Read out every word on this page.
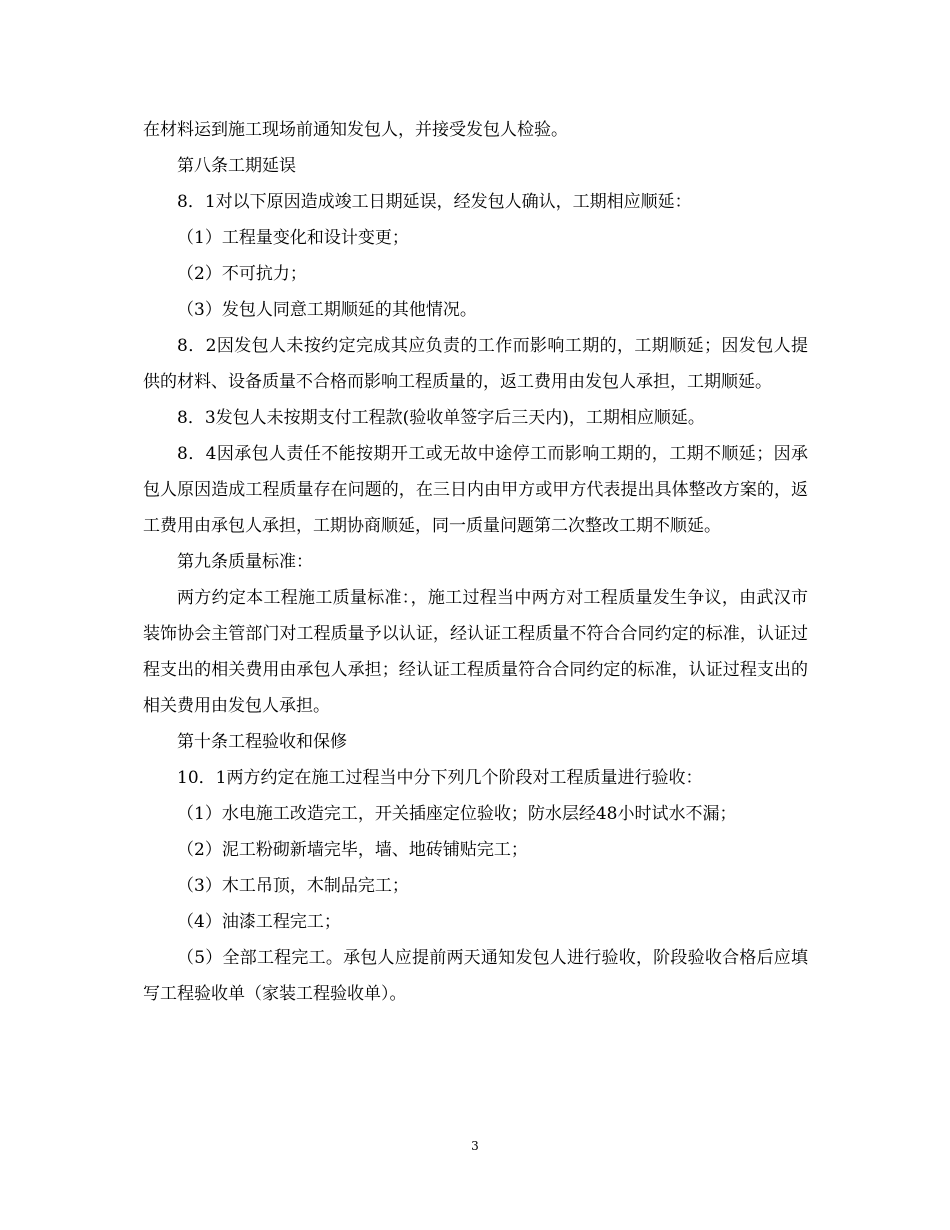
在材料运到施工现场前通知发包人，并接受发包人检验。

第八条工期延误

8．1对以下原因造成竣工日期延误，经发包人确认，工期相应顺延：

（1）工程量变化和设计变更；

（2）不可抗力；

（3）发包人同意工期顺延的其他情况。

8．2因发包人未按约定完成其应负责的工作而影响工期的，工期顺延；因发包人提供的材料、设备质量不合格而影响工程质量的，返工费用由发包人承担，工期顺延。

8．3发包人未按期支付工程款(验收单签字后三天内)，工期相应顺延。

8．4因承包人责任不能按期开工或无故中途停工而影响工期的，工期不顺延；因承包人原因造成工程质量存在问题的，在三日内由甲方或甲方代表提出具体整改方案的，返工费用由承包人承担，工期协商顺延，同一质量问题第二次整改工期不顺延。

第九条质量标准：

两方约定本工程施工质量标准：，施工过程当中两方对工程质量发生争议，由武汉市装饰协会主管部门对工程质量予以认证，经认证工程质量不符合合同约定的标准，认证过程支出的相关费用由承包人承担；经认证工程质量符合合同约定的标准，认证过程支出的相关费用由发包人承担。

第十条工程验收和保修

10．1两方约定在施工过程当中分下列几个阶段对工程质量进行验收：

（1）水电施工改造完工，开关插座定位验收；防水层经48小时试水不漏；

（2）泥工粉砌新墙完毕，墙、地砖铺贴完工；

（3）木工吊顶，木制品完工；

（4）油漆工程完工；

（5）全部工程完工。承包人应提前两天通知发包人进行验收，阶段验收合格后应填写工程验收单（家装工程验收单）。

3
